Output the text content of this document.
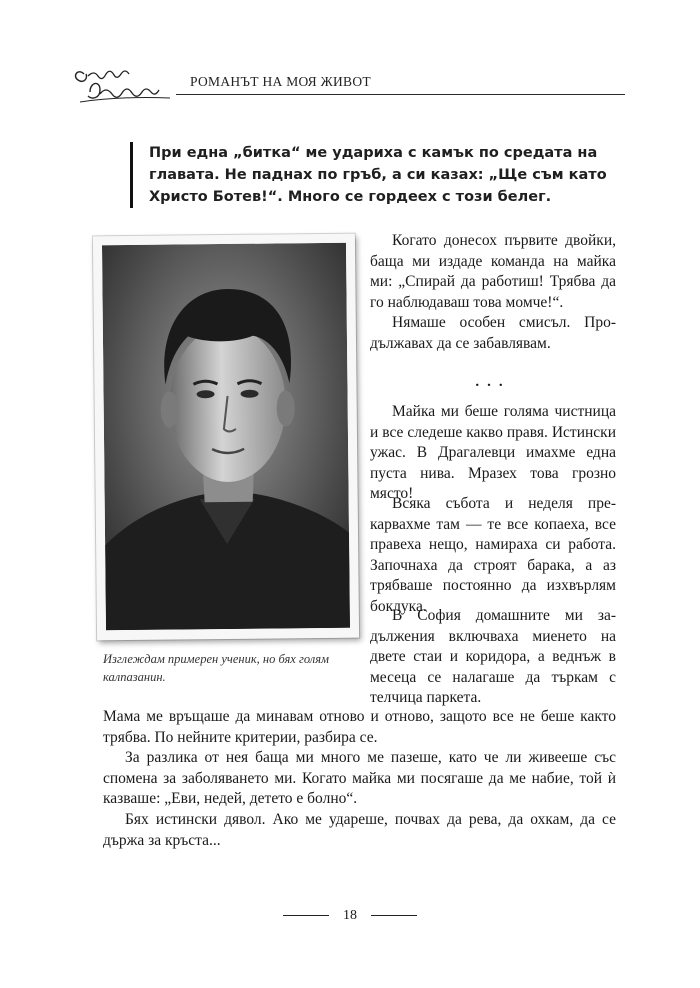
РОМАНЪТ НА МОЯ ЖИВОТ
При една „битка“ ме удариха с камък по средата на главата. Не паднах по гръб, а си казах: „Ще съм като Христо Ботев!“. Много се гордеех с този белег.
Изглеждам примерен ученик, но бях голям калпазанин.

Когато донесох първите двойки, баща ми издаде команда на майка ми: „Спирай да работиш! Трябва да го наблюдаваш това момче!“.

Нямаше особен смисъл. Продължавах да се забавлявам.

...

Майка ми беше голяма чистница и все следеше какво правя. Истински ужас. В Драгалевци имахме една пуста нива. Мразех това грозно място!

Всяка събота и неделя прекарвахме там — те все копаеха, все правеха нещо, намираха си работа. Започнаха да строят барака, а аз трябваше постоянно да изхвърлям боклука.

В София домашните ми задължения включваха миенето на двете стаи и коридора, а веднъж в месеца се налагаше да търкам с телчица паркета.

Мама ме връщаше да минавам отново и отново, защото все не беше както трябва. По нейните критерии, разбира се.

За разлика от нея баща ми много ме пазеше, като че ли живееше със спомена за заболяването ми. Когато майка ми посягаше да ме набие, той ѝ казваше: „Еви, недей, детето е болно“.

Бях истински дявол. Ако ме удареше, почвах да рева, да охкам, да се държа за кръста...

18
